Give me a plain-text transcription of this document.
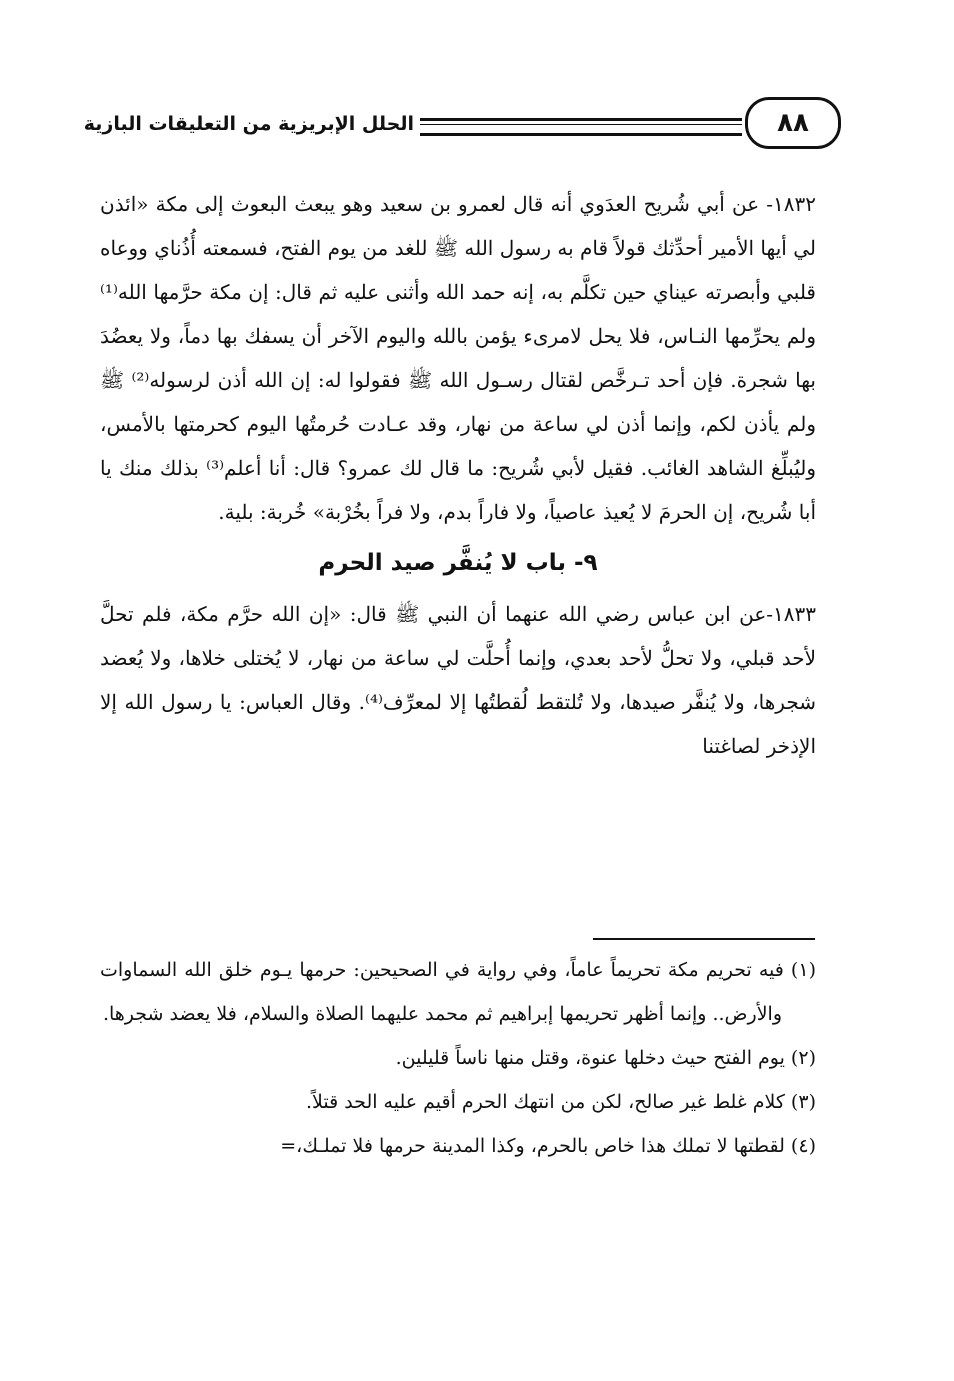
٨٨
الحلل الإبريزية من التعليقات البازية

١٨٣٢- عن أبي شُريح العدَوي أنه قال لعمرو بن سعيد وهو يبعث البعوث إلى مكة «ائذن لي أيها الأمير أحدِّثك قولاً قام به رسول الله ﷺ للغد من يوم الفتح، فسمعته أُذُناي ووعاه قلبي وأبصرته عيناي حين تكلَّم به، إنه حمد الله وأثنى عليه ثم قال: إن مكة حرَّمها الله⁽¹⁾ ولم يحرِّمها النـاس، فلا يحل لامرىء يؤمن بالله واليوم الآخر أن يسفك بها دماً، ولا يعضُدَ بها شجرة. فإن أحد تـرخَّص لقتال رسـول الله ﷺ فقولوا له: إن الله أذن لرسوله⁽²⁾ ﷺ ولم يأذن لكم، وإنما أذن لي ساعة من نهار، وقد عـادت حُرمتُها اليوم كحرمتها بالأمس، وليُبلِّغ الشاهد الغائب. فقيل لأبي شُريح: ما قال لك عمرو؟ قال: أنا أعلم⁽³⁾ بذلك منك يا أبا شُريح، إن الحرمَ لا يُعيذ عاصياً، ولا فاراً بدم، ولا فراً بخُرْبة» خُربة: بلية.

٩- باب لا يُنفَّر صيد الحرم

١٨٣٣-عن ابن عباس رضي الله عنهما أن النبي ﷺ قال: «إن الله حرَّم مكة، فلم تحلَّ لأحد قبلي، ولا تحلُّ لأحد بعدي، وإنما أُحلَّت لي ساعة من نهار، لا يُختلى خلاها، ولا يُعضد شجرها، ولا يُنفَّر صيدها، ولا تُلتقط لُقطتُها إلا لمعرِّف⁽⁴⁾. وقال العباس: يا رسول الله إلا الإذخر لصاغتنا

(١) فيه تحريم مكة تحريماً عاماً، وفي رواية في الصحيحين: حرمها يـوم خلق الله السماوات والأرض.. وإنما أظهر تحريمها إبراهيم ثم محمد عليهما الصلاة والسلام، فلا يعضد شجرها.

(٢) يوم الفتح حيث دخلها عنوة، وقتل منها ناساً قليلين.

(٣) كلام غلط غير صالح، لكن من انتهك الحرم أقيم عليه الحد قتلاً.

(٤) لقطتها لا تملك هذا خاص بالحرم، وكذا المدينة حرمها فلا تملـك،=
